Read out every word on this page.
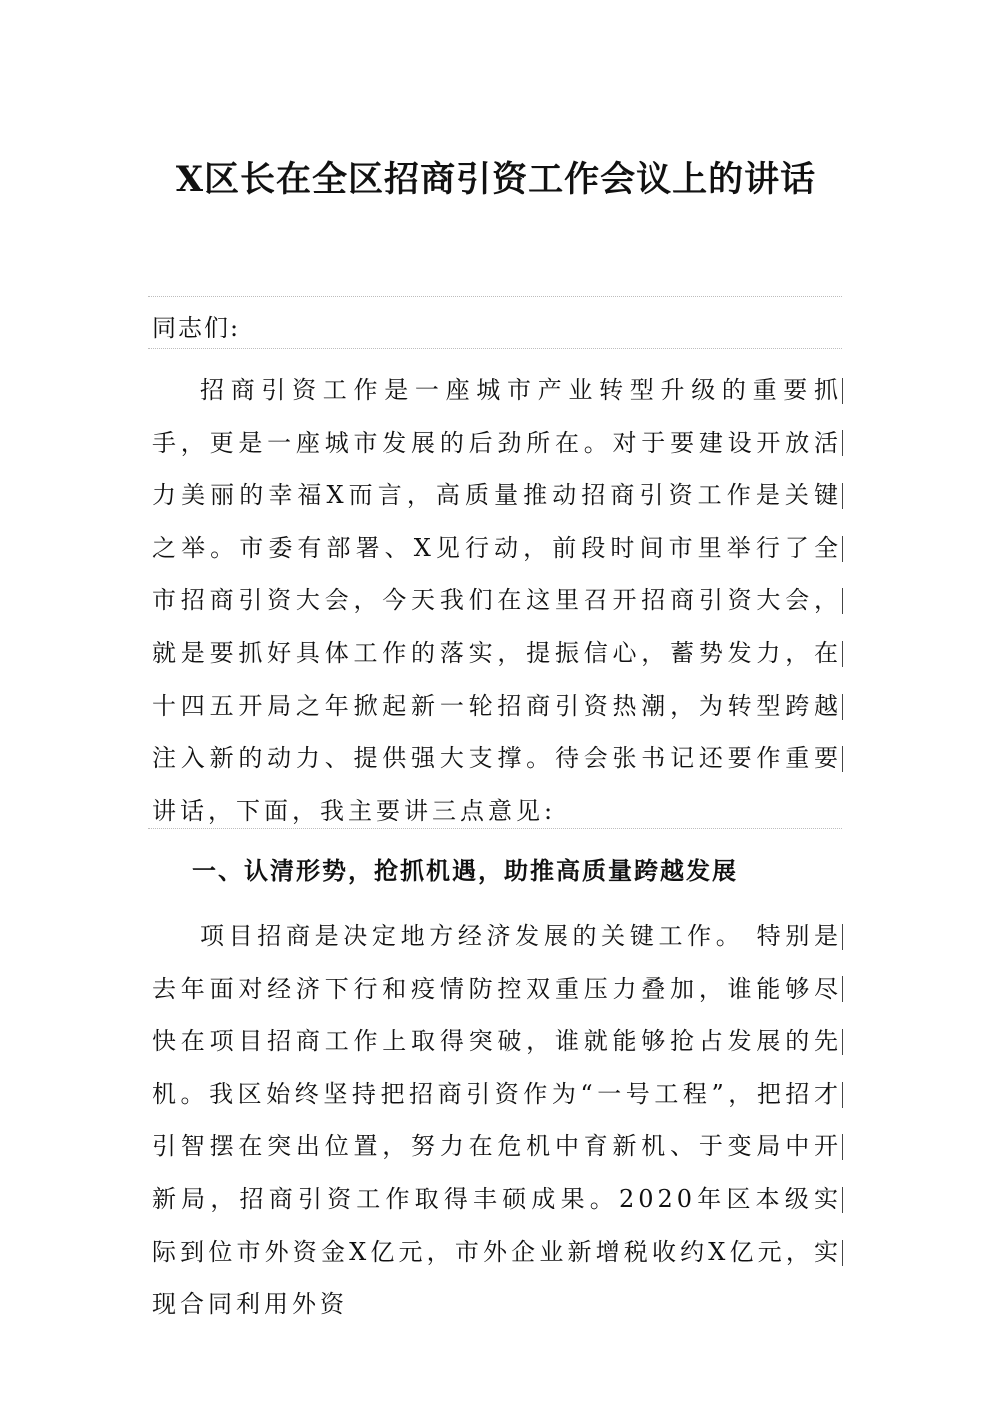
X区长在全区招商引资工作会议上的讲话

同志们:

招商引资工作是一座城市产业转型升级的重要抓手，更是一座城市发展的后劲所在。对于要建设开放活力美丽的幸福X而言，高质量推动招商引资工作是关键之举。市委有部署、X见行动，前段时间市里举行了全市招商引资大会，今天我们在这里召开招商引资大会，就是要抓好具体工作的落实，提振信心，蓄势发力，在十四五开局之年掀起新一轮招商引资热潮，为转型跨越注入新的动力、提供强大支撑。待会张书记还要作重要讲话，下面，我主要讲三点意见:

一、认清形势，抢抓机遇，助推高质量跨越发展

项目招商是决定地方经济发展的关键工作。 特别是去年面对经济下行和疫情防控双重压力叠加，谁能够尽快在项目招商工作上取得突破，谁就能够抢占发展的先机。我区始终坚持把招商引资作为“一号工程”，把招才引智摆在突出位置，努力在危机中育新机、于变局中开新局，招商引资工作取得丰硕成果。2020年区本级实际到位市外资金X亿元，市外企业新增税收约X亿元，实现合同利用外资
